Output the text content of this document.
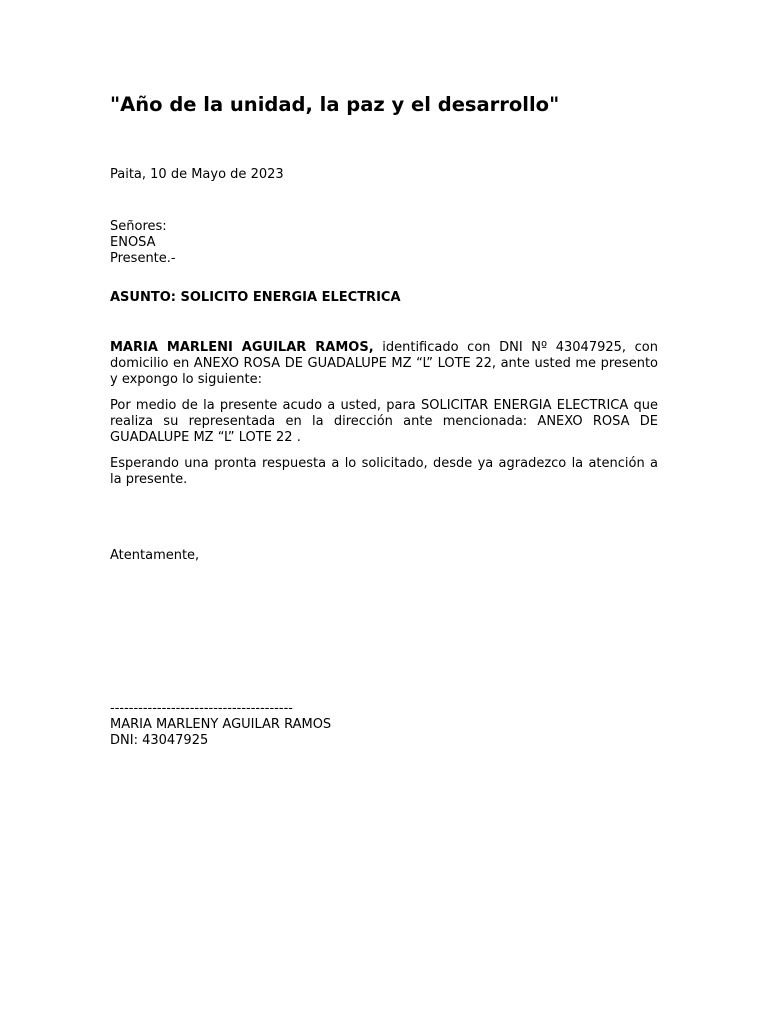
"Año de la unidad, la paz y el desarrollo"
Paita, 10 de Mayo de 2023
Señores:
ENOSA
Presente.-
ASUNTO: SOLICITO ENERGIA ELECTRICA

MARIA MARLENI AGUILAR RAMOS, identificado con DNI Nº 43047925, con domicilio en ANEXO ROSA DE GUADALUPE MZ “L” LOTE 22, ante usted me presento y expongo lo siguiente:

Por medio de la presente acudo a usted, para SOLICITAR ENERGIA ELECTRICA que realiza su representada en la dirección ante mencionada: ANEXO ROSA DE GUADALUPE MZ “L” LOTE 22 .

Esperando una pronta respuesta a lo solicitado, desde ya agradezco la atención a la presente.

Atentamente,
---------------------------------------
MARIA MARLENY AGUILAR RAMOS
DNI: 43047925
